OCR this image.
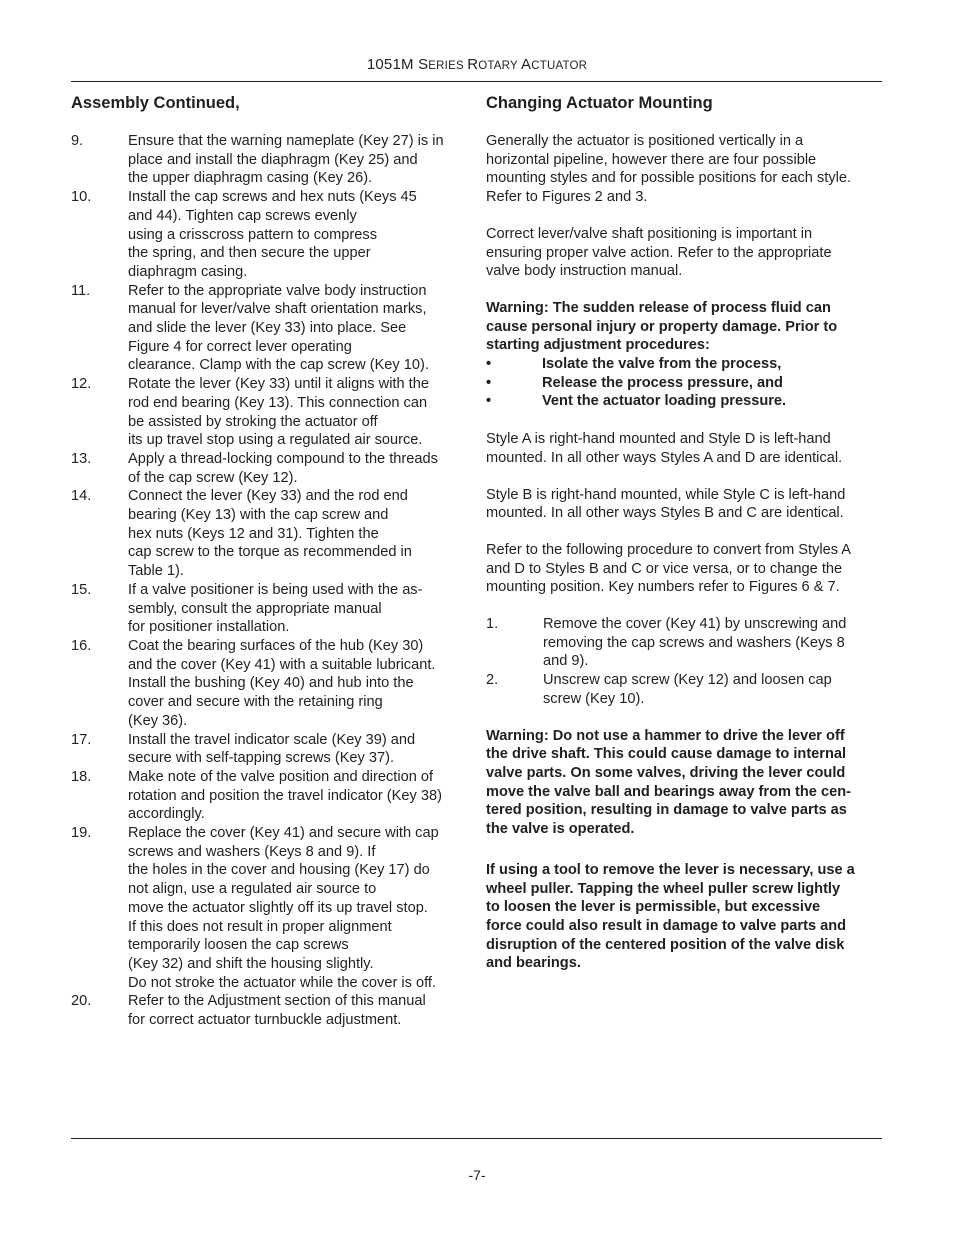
1051M SERIES ROTARY ACTUATOR
Assembly Continued,
9.	Ensure that the warning nameplate (Key 27) is in
place and install the diaphragm (Key 25) and
the upper diaphragm casing (Key 26).
10.	Install the cap screws and hex nuts (Keys 45
and 44). Tighten cap screws evenly
using a crisscross pattern to compress
the spring, and then secure the upper
diaphragm casing.
11.	Refer to the appropriate valve body instruction
manual for lever/valve shaft orientation marks,
and slide the lever (Key 33) into place. See
Figure 4 for correct lever operating
clearance. Clamp with the cap screw (Key 10).
12.	Rotate the lever (Key 33) until it aligns with the
rod end bearing (Key 13). This connection can
be assisted by stroking the actuator off
its up travel stop using a regulated air source.
13.	Apply a thread-locking compound to the threads
of the cap screw (Key 12).
14.	Connect the lever (Key 33) and the rod end
bearing (Key 13) with the cap screw and
hex nuts (Keys 12 and 31). Tighten the
cap screw to the torque as recommended in
Table 1).
15.	If a valve positioner is being used with the as-
sembly, consult the appropriate manual
for positioner installation.
16.	Coat the bearing surfaces of the hub (Key 30)
and the cover (Key 41) with a suitable lubricant.
Install the bushing (Key 40) and hub into the
cover and secure with the retaining ring
(Key 36).
17.	Install the travel indicator scale (Key 39) and
secure with self-tapping screws (Key 37).
18.	Make note of the valve position and direction of
rotation and position the travel indicator (Key 38)
accordingly.
19.	Replace the cover (Key 41) and secure with cap
screws and washers (Keys 8 and 9). If
the holes in the cover and housing (Key 17) do
not align, use a regulated air source to
move the actuator slightly off its up travel stop.
If this does not result in proper alignment
temporarily loosen the cap screws
(Key 32) and shift the housing slightly.
Do not stroke the actuator while the cover is off.
20.	Refer to the Adjustment section of this manual
for correct actuator turnbuckle adjustment.
Changing Actuator Mounting
Generally the actuator is positioned vertically in a
horizontal pipeline, however there are four possible
mounting styles and for possible positions for each style.
Refer to Figures 2 and 3.
Correct lever/valve shaft positioning is important in
ensuring proper valve action. Refer to the appropriate
valve body instruction manual.
Warning: The sudden release of process fluid can
cause personal injury or property damage. Prior to
starting adjustment procedures:
•	Isolate the valve from the process,
•	Release the process pressure, and
•	Vent the actuator loading pressure.
Style A is right-hand mounted and Style D is left-hand
mounted. In all other ways Styles A and D are identical.
Style B is right-hand mounted, while Style C is left-hand
mounted. In all other ways Styles B and C are identical.
Refer to the following procedure to convert from Styles A
and D to Styles B and C or vice versa, or to change the
mounting position. Key numbers refer to Figures 6 & 7.
1.	Remove the cover (Key 41) by unscrewing and
removing the cap screws and washers (Keys 8
and 9).
2.	Unscrew cap screw (Key 12) and loosen cap
screw (Key 10).
Warning: Do not use a hammer to drive the lever off
the drive shaft. This could cause damage to internal
valve parts. On some valves, driving the lever could
move the valve ball and bearings away from the cen-
tered position, resulting in damage to valve parts as
the valve is operated.
If using a tool to remove the lever is necessary, use a
wheel puller. Tapping the wheel puller screw lightly
to loosen the lever is permissible, but excessive
force could also result in damage to valve parts and
disruption of the centered position of the valve disk
and bearings.
-7-
